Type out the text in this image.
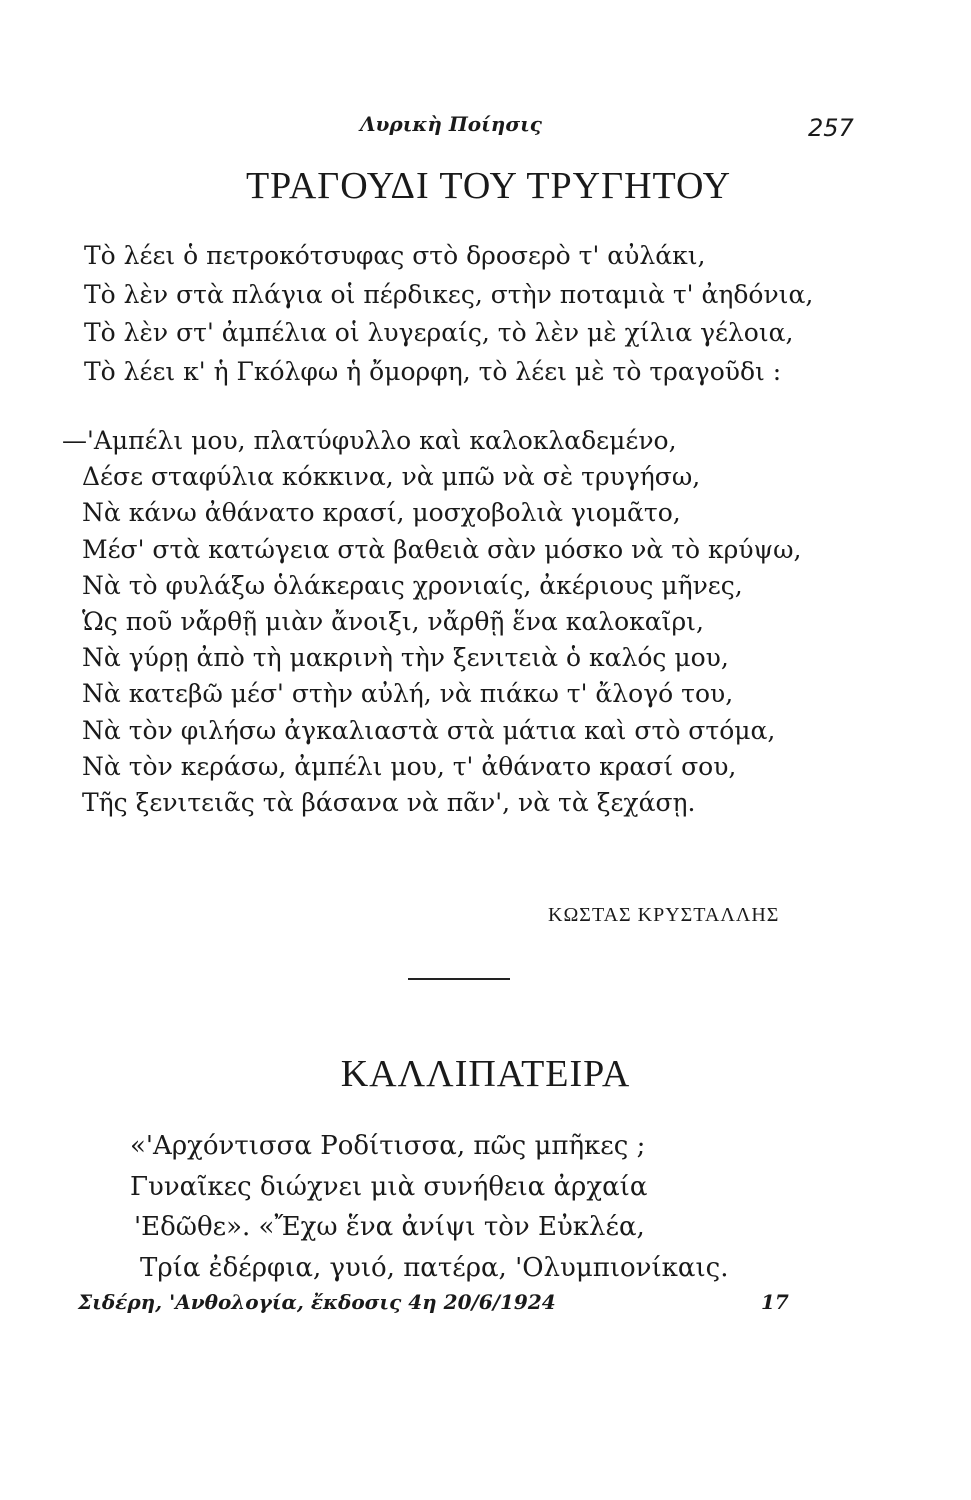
Λυρικὴ Ποίησις	257
ΤΡΑΓΟΥΔΙ ΤΟΥ ΤΡΥΓΗΤΟΥ
Τὸ λέει ὁ πετροκότσυφας στὸ δροσερὸ τ' αὐλάκι,
Τὸ λὲν στὰ πλάγια οἱ πέρδικες, στὴν ποταμιὰ τ' ἀηδόνια,
Τὸ λὲν στ' ἀμπέλια οἱ λυγεραίς, τὸ λὲν μὲ χίλια γέλοια,
Τὸ λέει κ' ἡ Γκόλφω ἡ ὄμορφη, τὸ λέει μὲ τὸ τραγοῦδι :
—'Αμπέλι μου, πλατύφυλλο καὶ καλοκλαδεμένο,
Δέσε σταφύλια κόκκινα, νὰ μπῶ νὰ σὲ τρυγήσω,
Νὰ κάνω ἀθάνατο κρασί, μοσχοβολιὰ γιομᾶτο,
Μέσ' στὰ κατώγεια στὰ βαθειὰ σὰν μόσκο νὰ τὸ κρύψω,
Νὰ τὸ φυλάξω ὁλάκεραις χρονιαίς, ἀκέριους μῆνες,
Ὡς ποῦ νἄρθῇ μιὰν ἄνοιξι, νἄρθῇ ἕνα καλοκαῖρι,
Νὰ γύρῃ ἀπὸ τὴ μακρινὴ τὴν ξενιτειὰ ὁ καλός μου,
Νὰ κατεβῶ μέσ' στὴν αὐλή, νὰ πιάκω τ' ἄλογό του,
Νὰ τὸν φιλήσω ἀγκαλιαστὰ στὰ μάτια καὶ στὸ στόμα,
Νὰ τὸν κεράσω, ἀμπέλι μου, τ' ἀθάνατο κρασί σου,
Τῆς ξενιτειᾶς τὰ βάσανα νὰ πᾶν', νὰ τὰ ξεχάσῃ.
ΚΩΣΤΑΣ ΚΡΥΣΤΑΛΛΗΣ
ΚΑΛΛΙΠΑΤΕΙΡΑ
«'Αρχόντισσα Ροδίτισσα, πῶς μπῆκες ;
Γυναῖκες διώχνει μιὰ συνήθεια ἀρχαία
'Εδῶθε». «Ἔχω ἕνα ἀνίψι τὸν Εὐκλέα,
Τρία ἐδέρφια, γυιό, πατέρα, 'Ολυμπιονίκαις.
Σιδέρη, 'Ανθολογία, ἔκδοσις 4η 20/6/1924	17
